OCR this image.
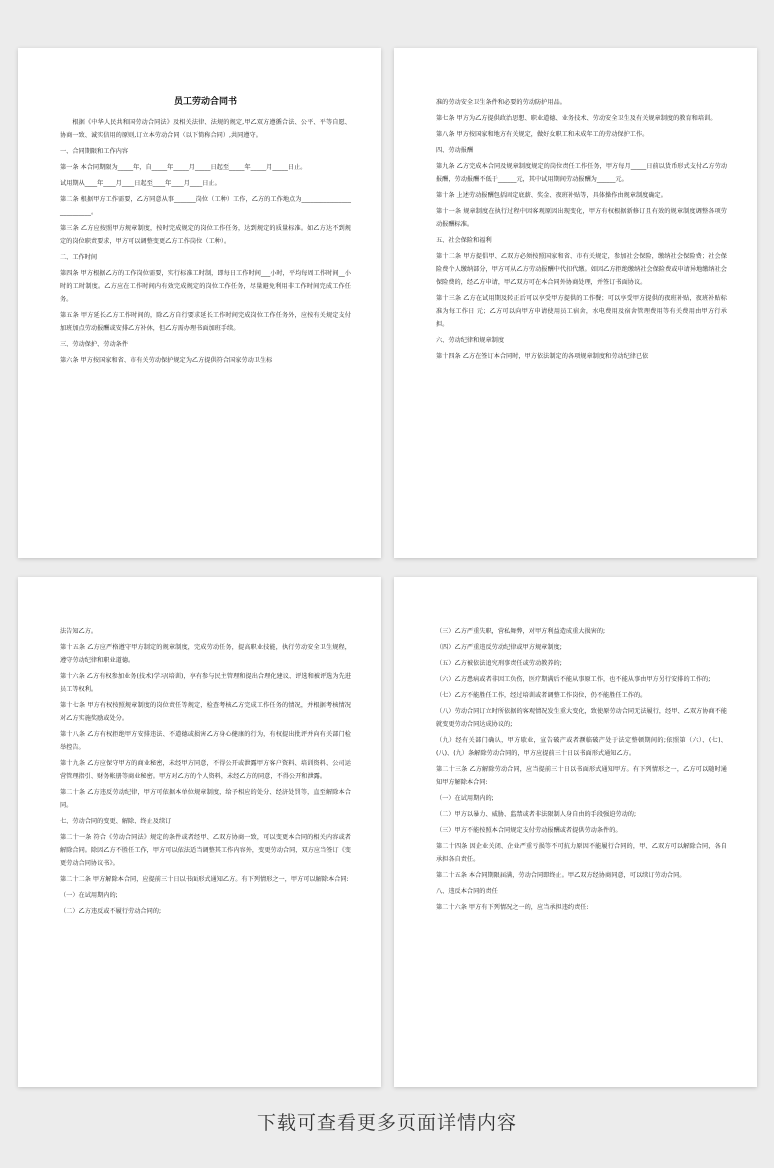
员工劳动合同书
根据《中华人民共和国劳动合同法》及相关法律、法规的规定,甲乙双方遵循合法、公平、平等自愿、协商一致、诚实信用的原则,订立本劳动合同（以下简称合同）,共同遵守。
一、合同期限和工作内容
第一条 本合同期限为_____年，自_____年_____月_____日起至_____年_____月_____日止。
试用期从____年____月____日起至____年____月____日止。
第二条 根据甲方工作需要，乙方同意从事_______岗位（工种）工作，乙方的工作地点为__________________________。
第三条 乙方应按照甲方规章制度，按时完成规定的岗位工作任务，达到规定的质量标准。如乙方达不到规定的岗位职责要求，甲方可以调整变更乙方工作岗位（工种）。
二、工作时间
第四条 甲方根据乙方的工作岗位需要，实行标准工时制，即每日工作时间___小时，平均每周工作时间__小时的工时制度。乙方应在工作时间内有效完成规定的岗位工作任务，尽量避免利用非工作时间完成工作任务。
第五条 甲方延长乙方工作时间的，除乙方自行要求延长工作时间完成岗位工作任务外，应按有关规定支付加班加点劳动报酬或安排乙方补休，但乙方需办理书面加班手续。
三、劳动保护、劳动条件
第六条 甲方按国家和省、市有关劳动保护规定为乙方提供符合国家劳动卫生标
准的劳动安全卫生条件和必要的劳动防护用品。
第七条 甲方为乙方提供政治思想、职业道德、业务技术、劳动安全卫生及有关规章制度的教育和培训。
第八条 甲方按国家和地方有关规定，做好女职工和未成年工的劳动保护工作。
四、劳动报酬
第九条 乙方完成本合同及规章制度规定的岗位责任工作任务，甲方每月_____日前以货币形式支付乙方劳动报酬，劳动报酬不低于______元，其中试用期间劳动报酬为______元。
第十条 上述劳动报酬包括固定底薪、奖金、夜班补贴等，具体操作由规章制度确定。
第十一条 规章制度在执行过程中因客观原因出现变化，甲方有权根据新修订且有效的规章制度调整各项劳动报酬标准。
五、社会保险和福利
第十二条 甲方提倡甲、乙双方必须按照国家和省、市有关规定，参加社会保险，缴纳社会保险费；社会保险费个人缴纳部分，甲方可从乙方劳动报酬中代扣代缴。如因乙方拒绝缴纳社会保险费或申请异地缴纳社会保险费的，经乙方申请，甲乙双方可在本合同外协商处理，并签订书面协议。
第十三条 乙方在试用期及转正后可以享受甲方提供的工作餐；可以享受甲方提供的夜班补贴，夜班补贴标准为每工作日 元；乙方可以向甲方申请使用员工宿舍，水电费用及宿舍管理费用等有关费用由甲方行承担。
六、劳动纪律和规章制度
第十四条 乙方在签订本合同时，甲方依法制定的各项规章制度和劳动纪律已依
法告知乙方。
第十五条 乙方应严格遵守甲方制定的规章制度，完成劳动任务，提高职业技能，执行劳动安全卫生规程，遵守劳动纪律和职业道德。
第十六条 乙方有权参加业务(技术)学习(培训)，享有参与民主管理和提出合理化建议、评选和被评选为先进员工等权利。
第十七条 甲方有权按照规章制度的岗位责任等规定，检查考核乙方完成工作任务的情况，并根据考核情况对乙方实施奖励或处分。
第十八条 乙方有权拒绝甲方安排违法、不道德或损害乙方身心健康的行为，有权提出批评并向有关部门检举控告。
第十九条 乙方应保守甲方的商业秘密，未经甲方同意，不得公开或泄露甲方客户资料、培训资料、公司运营管理指引、财务帐册等商业秘密。甲方对乙方的个人资料，未经乙方的同意，不得公开和泄露。
第二十条 乙方违反劳动纪律，甲方可依据本单位规章制度，给予相应的处分、经济处罚等，直至解除本合同。
七、劳动合同的变更、解除、终止及续订
第二十一条 符合《劳动合同法》规定的条件或者经甲、乙双方协商一致，可以变更本合同的相关内容或者解除合同。除因乙方不胜任工作，甲方可以依法适当调整其工作内容外，变更劳动合同，双方应当签订《变更劳动合同协议书》。
第二十二条 甲方解除本合同，应提前三十日以书面形式通知乙方。有下列情形之一，甲方可以解除本合同:
（一）在试用期内的;
（二）乙方违反或不履行劳动合同的;
（三）乙方严重失职，营私舞弊，对甲方利益造成重大损害的;
（四）乙方严重违反劳动纪律或甲方规章制度;
（五）乙方被依法追究刑事责任或劳动教养的;
（六）乙方患病或者非因工负伤，医疗期满后不能从事原工作，也不能从事由甲方另行安排的工作的;
（七）乙方不能胜任工作，经过培训或者调整工作岗位，仍不能胜任工作的。
（八）劳动合同订立时所依据的客观情况发生重大变化，致使原劳动合同无法履行，经甲、乙双方协商不能就变更劳动合同达成协议的;
（九）经有关部门确认，甲方歇业，宣告破产或者濒临破产处于法定整顿期间的;依照第（六）、(七)、(八)、(九）条解除劳动合同的，甲方应提前三十日以书面形式通知乙方。
第二十三条 乙方解除劳动合同，应当提前三十日以书面形式通知甲方。有下列情形之一，乙方可以随时通知甲方解除本合同:
（一）在试用期内的;
（二）甲方以暴力、威胁、监禁或者非法限制人身自由的手段强迫劳动的;
（三）甲方不能按照本合同规定支付劳动报酬或者提供劳动条件的。
第二十四条 因企业关闭、企业严重亏损等不可抗力原因不能履行合同的，甲、乙双方可以解除合同，各自承担各自责任。
第二十五条 本合同期限届满，劳动合同即终止。甲乙双方经协商同意，可以续订劳动合同。
八、违反本合同的责任
第二十六条 甲方有下列情况之一的，应当承担违约责任:
下载可查看更多页面详情内容
